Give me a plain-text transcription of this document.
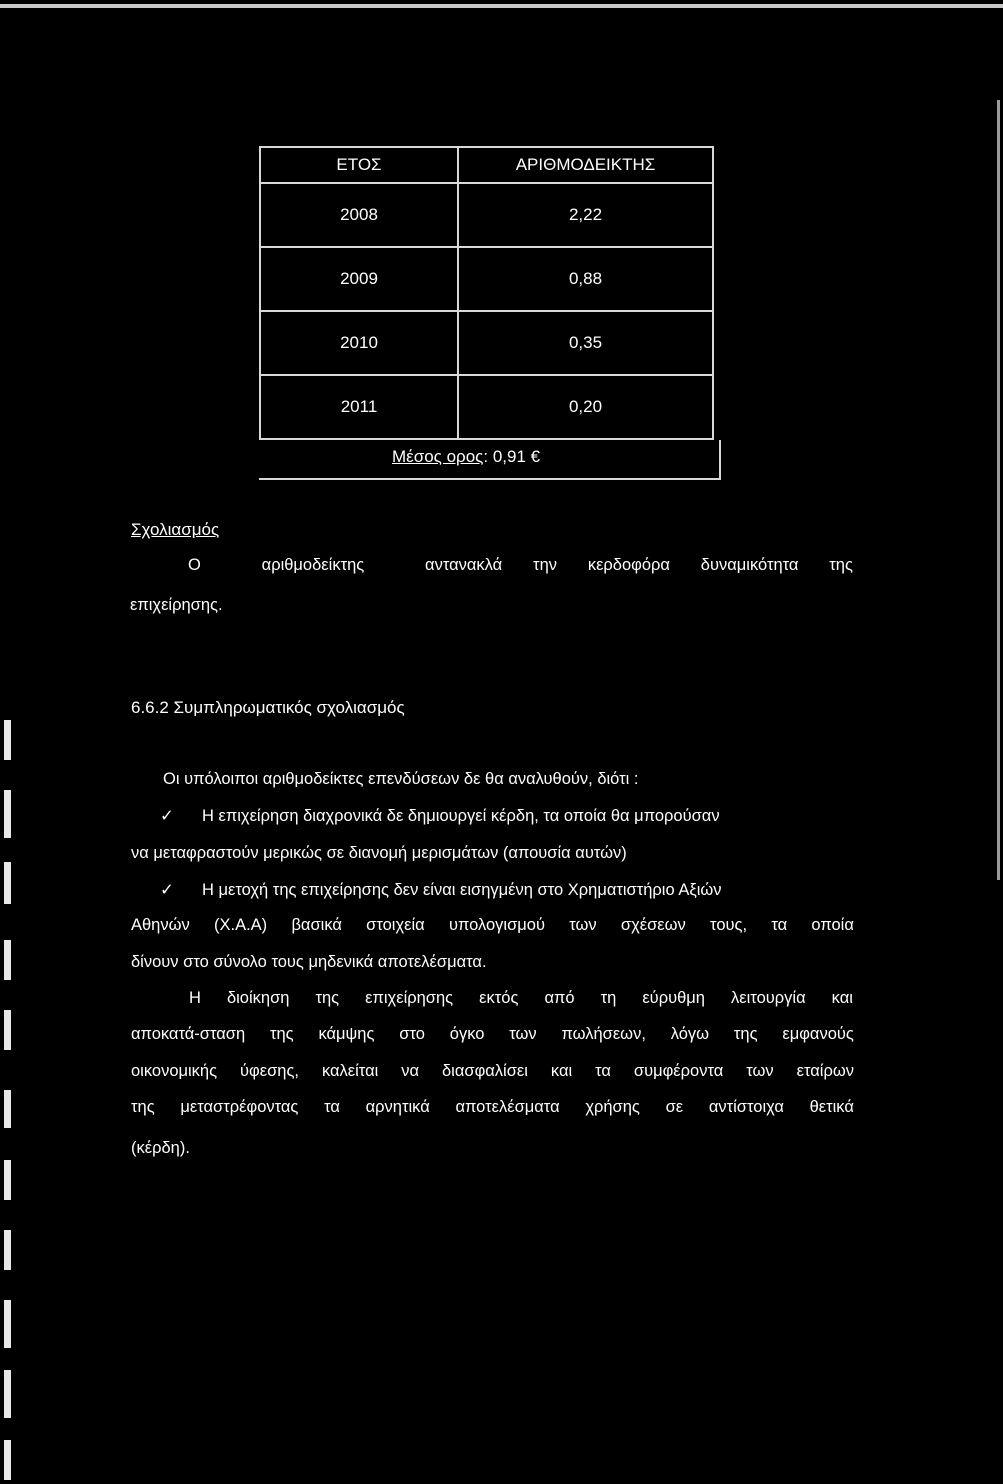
ΕΤΟΣ	ΑΡΙΘΜΟΔΕΙΚΤΗΣ
2008	2,22
2009	0,88
2010	0,35
2011	0,20
Μέσος ορος: 0,91 €
Σχολιασμός
Ο	αριθμοδείκτης	αντανακλά την κερδοφόρα δυναμικότητα της
επιχείρησης.
6.6.2 Συμπληρωματικός σχολιασμός
Οι υπόλοιποι αριθμοδείκτες επενδύσεων δε θα αναλυθούν, διότι :
✓ Η επιχείρηση διαχρονικά δε δημιουργεί κέρδη, τα οποία θα μπορούσαν
να μεταφραστούν μερικώς σε διανομή μερισμάτων (απουσία αυτών)
✓ Η μετοχή της επιχείρησης δεν είναι εισηγμένη στο Χρηματιστήριο Αξιών
Αθηνών (Χ.Α.Α) βασικά στοιχεία υπολογισμού των σχέσεων τους, τα οποία
δίνουν στο σύνολο τους μηδενικά αποτελέσματα.
Η διοίκηση της επιχείρησης εκτός από τη εύρυθμη λειτουργία και
αποκατά-σταση της κάμψης στο όγκο των πωλήσεων, λόγω της εμφανούς
οικονομικής ύφεσης, καλείται να διασφαλίσει και τα συμφέροντα των εταίρων
της μεταστρέφοντας τα αρνητικά αποτελέσματα χρήσης σε αντίστοιχα θετικά
(κέρδη).
